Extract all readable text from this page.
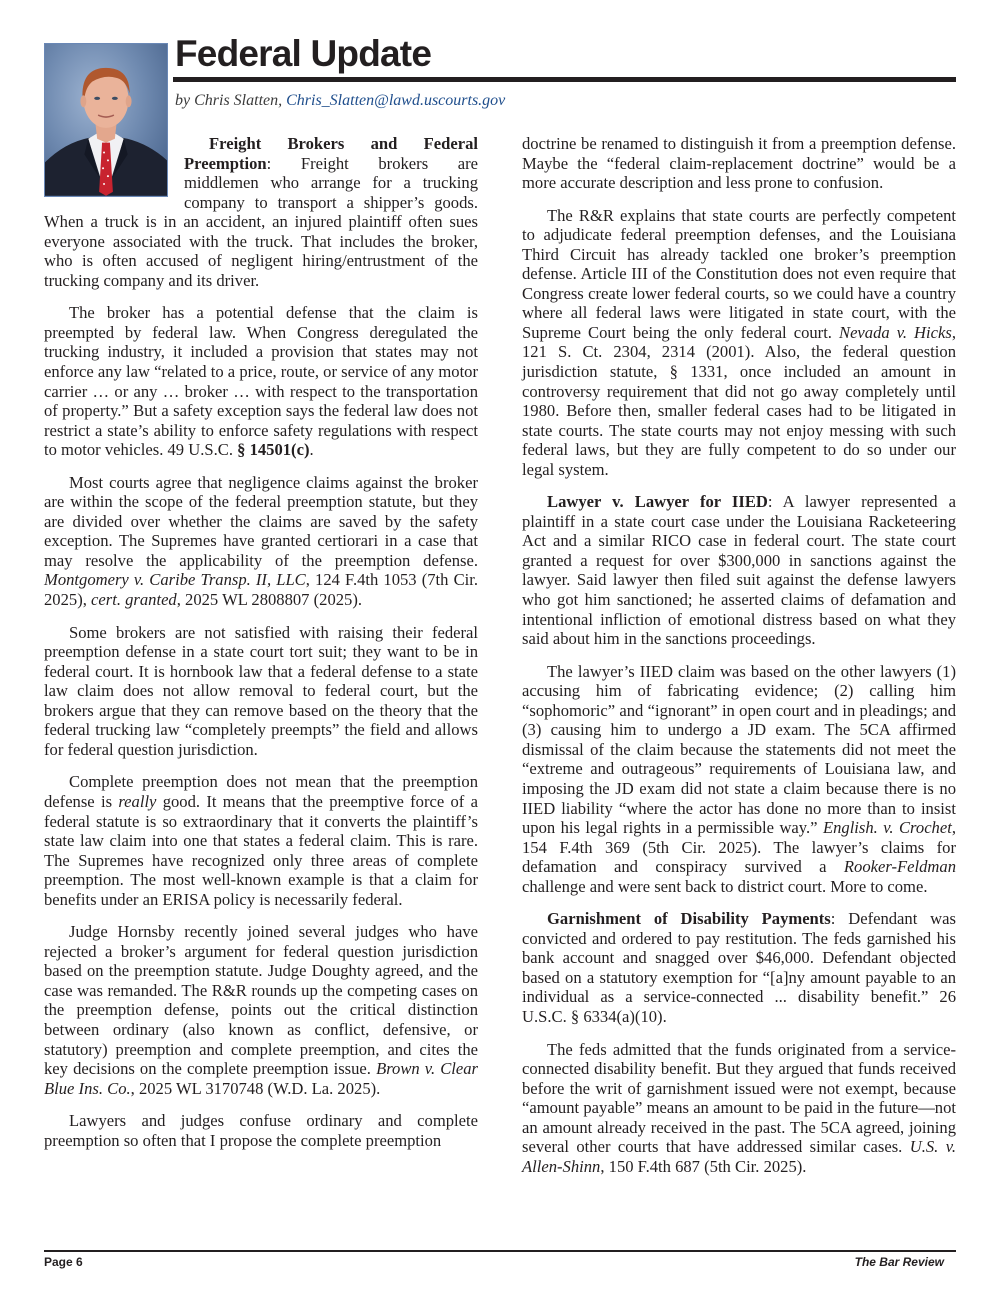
Federal Update
by Chris Slatten, Chris_Slatten@lawd.uscourts.gov

Freight Brokers and Federal Preemption: Freight brokers are middlemen who arrange for a trucking company to transport a shipper’s goods. When a truck is in an accident, an injured plaintiff often sues everyone associated with the truck. That includes the broker, who is often accused of negligent hiring/entrustment of the trucking company and its driver.

The broker has a potential defense that the claim is preempted by federal law. When Congress deregulated the trucking industry, it included a provision that states may not enforce any law “related to a price, route, or service of any motor carrier … or any … broker … with respect to the transportation of property.” But a safety exception says the federal law does not restrict a state’s ability to enforce safety regulations with respect to motor vehicles. 49 U.S.C. § 14501(c).

Most courts agree that negligence claims against the broker are within the scope of the federal preemption statute, but they are divided over whether the claims are saved by the safety exception. The Supremes have granted certiorari in a case that may resolve the applicability of the preemption defense. Montgomery v. Caribe Transp. II, LLC, 124 F.4th 1053 (7th Cir. 2025), cert. granted, 2025 WL 2808807 (2025).

Some brokers are not satisfied with raising their federal preemption defense in a state court tort suit; they want to be in federal court. It is hornbook law that a federal defense to a state law claim does not allow removal to federal court, but the brokers argue that they can remove based on the theory that the federal trucking law “completely preempts” the field and allows for federal question jurisdiction.

Complete preemption does not mean that the preemption defense is really good. It means that the preemptive force of a federal statute is so extraordinary that it converts the plaintiff’s state law claim into one that states a federal claim. This is rare. The Supremes have recognized only three areas of complete preemption. The most well-known example is that a claim for benefits under an ERISA policy is necessarily federal.

Judge Hornsby recently joined several judges who have rejected a broker’s argument for federal question jurisdiction based on the preemption statute. Judge Doughty agreed, and the case was remanded. The R&R rounds up the competing cases on the preemption defense, points out the critical distinction between ordinary (also known as conflict, defensive, or statutory) preemption and complete preemption, and cites the key decisions on the complete preemption issue. Brown v. Clear Blue Ins. Co., 2025 WL 3170748 (W.D. La. 2025).

Lawyers and judges confuse ordinary and complete preemption so often that I propose the complete preemption

doctrine be renamed to distinguish it from a preemption defense. Maybe the “federal claim-replacement doctrine” would be a more accurate description and less prone to confusion.

The R&R explains that state courts are perfectly competent to adjudicate federal preemption defenses, and the Louisiana Third Circuit has already tackled one broker’s preemption defense. Article III of the Constitution does not even require that Congress create lower federal courts, so we could have a country where all federal laws were litigated in state court, with the Supreme Court being the only federal court. Nevada v. Hicks, 121 S. Ct. 2304, 2314 (2001). Also, the federal question jurisdiction statute, § 1331, once included an amount in controversy requirement that did not go away completely until 1980. Before then, smaller federal cases had to be litigated in state courts. The state courts may not enjoy messing with such federal laws, but they are fully competent to do so under our legal system.

Lawyer v. Lawyer for IIED: A lawyer represented a plaintiff in a state court case under the Louisiana Racketeering Act and a similar RICO case in federal court. The state court granted a request for over $300,000 in sanctions against the lawyer. Said lawyer then filed suit against the defense lawyers who got him sanctioned; he asserted claims of defamation and intentional infliction of emotional distress based on what they said about him in the sanctions proceedings.

The lawyer’s IIED claim was based on the other lawyers (1) accusing him of fabricating evidence; (2) calling him “sophomoric” and “ignorant” in open court and in pleadings; and (3) causing him to undergo a JD exam. The 5CA affirmed dismissal of the claim because the statements did not meet the “extreme and outrageous” requirements of Louisiana law, and imposing the JD exam did not state a claim because there is no IIED liability “where the actor has done no more than to insist upon his legal rights in a permissible way.” English. v. Crochet, 154 F.4th 369 (5th Cir. 2025). The lawyer’s claims for defamation and conspiracy survived a Rooker-Feldman challenge and were sent back to district court. More to come.

Garnishment of Disability Payments: Defendant was convicted and ordered to pay restitution. The feds garnished his bank account and snagged over $46,000. Defendant objected based on a statutory exemption for “[a]ny amount payable to an individual as a service-connected ... disability benefit.” 26 U.S.C. § 6334(a)(10).

The feds admitted that the funds originated from a service-connected disability benefit. But they argued that funds received before the writ of garnishment issued were not exempt, because “amount payable” means an amount to be paid in the future—not an amount already received in the past. The 5CA agreed, joining several other courts that have addressed similar cases. U.S. v. Allen-Shinn, 150 F.4th 687 (5th Cir. 2025).

Page 6	The Bar Review
